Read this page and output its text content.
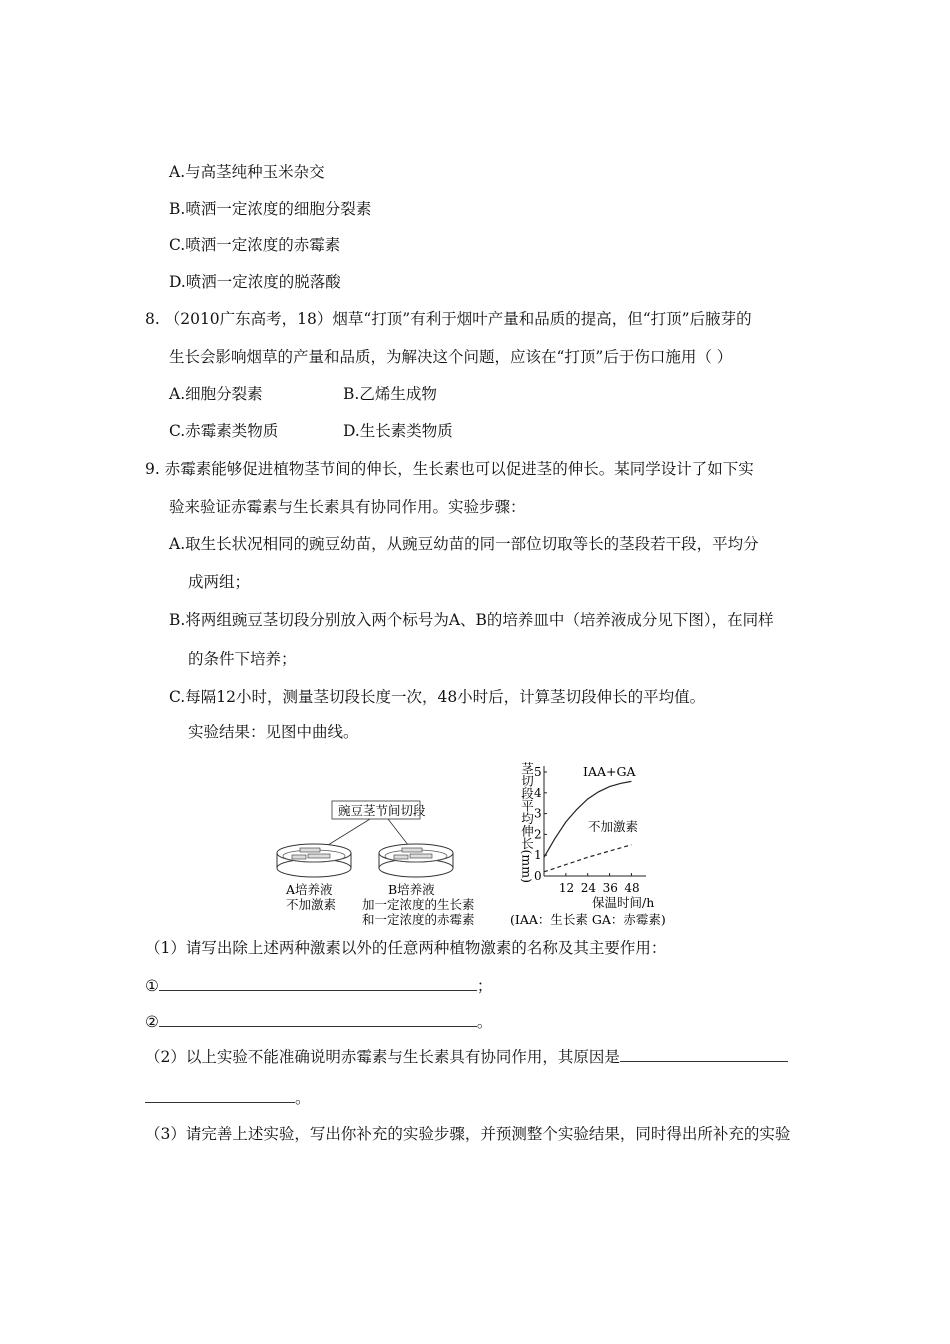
A.与高茎纯种玉米杂交
B.喷洒一定浓度的细胞分裂素
C.喷洒一定浓度的赤霉素
D.喷洒一定浓度的脱落酸
8. （2010广东高考，18）烟草“打顶”有利于烟叶产量和品质的提高，但“打顶”后腋芽的
生长会影响烟草的产量和品质，为解决这个问题，应该在“打顶”后于伤口施用（ ）
A.细胞分裂素	B.乙烯生成物
C.赤霉素类物质	D.生长素类物质
9. 赤霉素能够促进植物茎节间的伸长，生长素也可以促进茎的伸长。某同学设计了如下实
验来验证赤霉素与生长素具有协同作用。实验步骤：
A.取生长状况相同的豌豆幼苗，从豌豆幼苗的同一部位切取等长的茎段若干段，平均分
成两组；
B.将两组豌豆茎切段分别放入两个标号为A、B的培养皿中（培养液成分见下图），在同样
的条件下培养；
C.每隔12小时，测量茎切段长度一次，48小时后，计算茎切段伸长的平均值。
实验结果：见图中曲线。
豌豆茎节间切段
A培养液
不加激素
B培养液
加一定浓度的生长素
和一定浓度的赤霉素
茎切段平均伸长(mm) 0
1
2
3
4
5
12 24 36 48
IAA+GA
不加激素
保温时间/h
(IAA：生长素 GA：赤霉素)
（1）请写出除上述两种激素以外的任意两种植物激素的名称及其主要作用：
①	；
②	。
（2）以上实验不能准确说明赤霉素与生长素具有协同作用，其原因是
。
（3）请完善上述实验，写出你补充的实验步骤，并预测整个实验结果，同时得出所补充的实验
